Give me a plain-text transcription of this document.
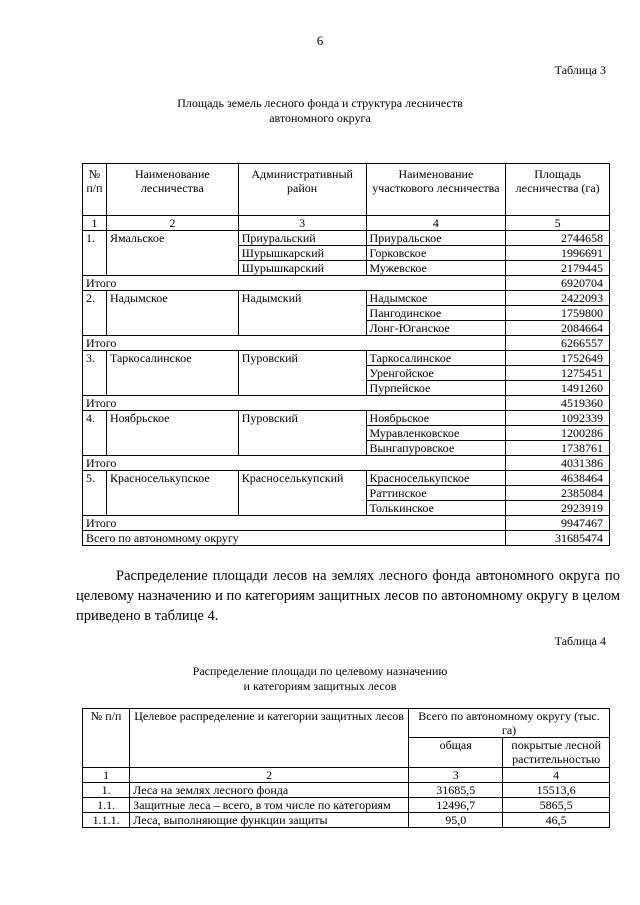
6
Таблица 3
Площадь земель лесного фонда и структура лесничеств
автономного округа
№ п/п	Наименование лесничества	Административный район	Наименование участкового лесничества	Площадь лесничества (га)
1	2	3	4	5
1.	Ямальское	Приуральский	Приуральское	2744658
		Шурышкарский	Горковское	1996691
		Шурышкарский	Мужевское	2179445
Итого				6920704
2.	Надымское	Надымский	Надымское	2422093
			Пангодинское	1759800
			Лонг-Юганское	2084664
Итого				6266557
3.	Таркосалинское	Пуровский	Таркосалинское	1752649
			Уренгойское	1275451
			Пурпейское	1491260
Итого				4519360
4.	Ноябрьское	Пуровский	Ноябрьское	1092339
			Муравленковское	1200286
			Вынгапуровское	1738761
Итого				4031386
5.	Красноселькупское	Красноселькупский	Красноселькупское	4638464
			Раттинское	2385084
			Толькинское	2923919
Итого				9947467
Всего по автономному округу				31685474

Распределение площади лесов на землях лесного фонда автономного округа по целевому назначению и по категориям защитных лесов по автономному округу в целом приведено в таблице 4.

Таблица 4
Распределение площади по целевому назначению
и категориям защитных лесов
№ п/п	Целевое распределение и категории защитных лесов	Всего по автономному округу (тыс. га)	
		общая	покрытые лесной растительностью
1	2	3	4
1.	Леса на землях лесного фонда	31685,5	15513,6
1.1.	Защитные леса – всего, в том числе по категориям	12496,7	5865,5
1.1.1.	Леса, выполняющие функции защиты	95,0	46,5
